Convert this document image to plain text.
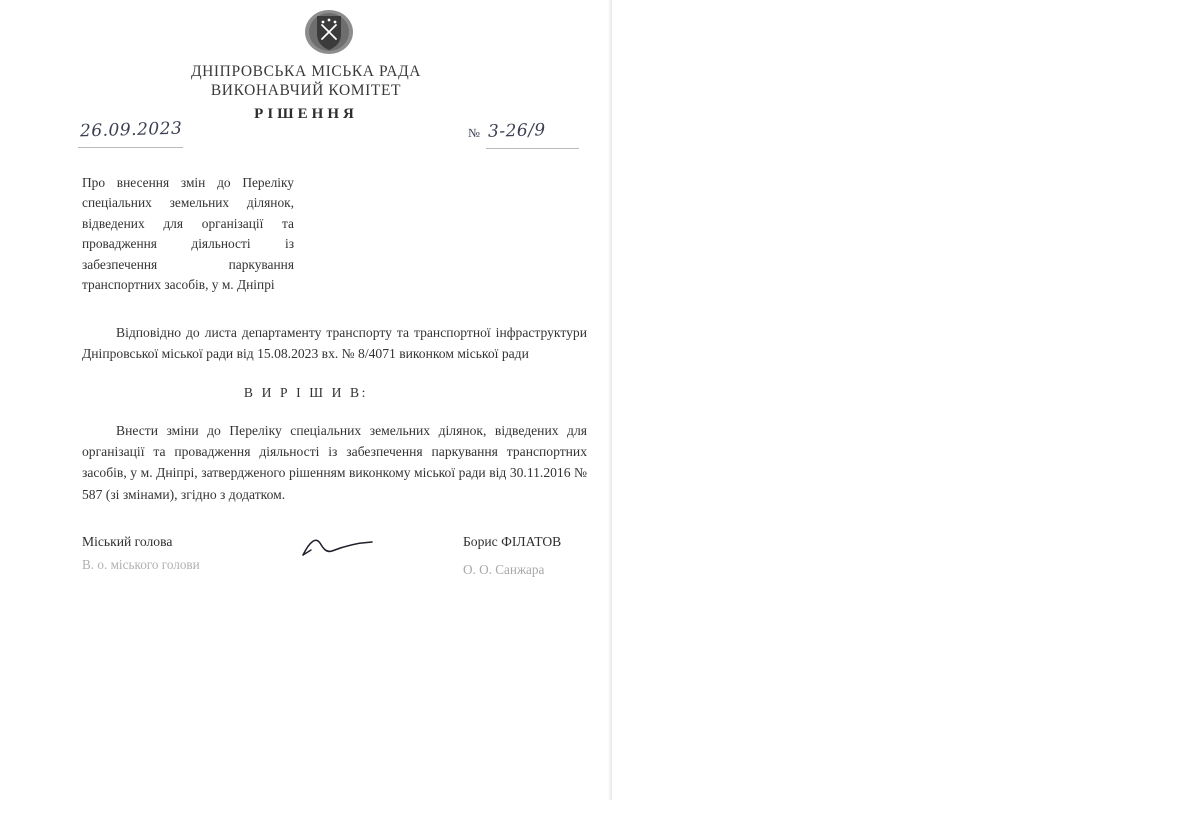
ДНІПРОВСЬКА МІСЬКА РАДА
ВИКОНАВЧИЙ КОМІТЕТ
РІШЕННЯ
26.09.2023	№ 3-26/9
Про внесення змін до Переліку спеціальних земельних ділянок, відведених для організації та провадження діяльності із забезпечення паркування транспортних засобів, у м. Дніпрі
Відповідно до листа департаменту транспорту та транспортної інфраструктури Дніпровської міської ради від 15.08.2023 вх. № 8/4071 виконком міської ради
В И Р І Ш И В:
Внести зміни до Переліку спеціальних земельних ділянок, відведених для організації та провадження діяльності із забезпечення паркування транспортних засобів, у м. Дніпрі, затвердженого рішенням виконкому міської ради від 30.11.2016 № 587 (зі змінами), згідно з додатком.
Міський голова	Борис ФІЛАТОВ
В. о. міського голови	О. О. Санжара
